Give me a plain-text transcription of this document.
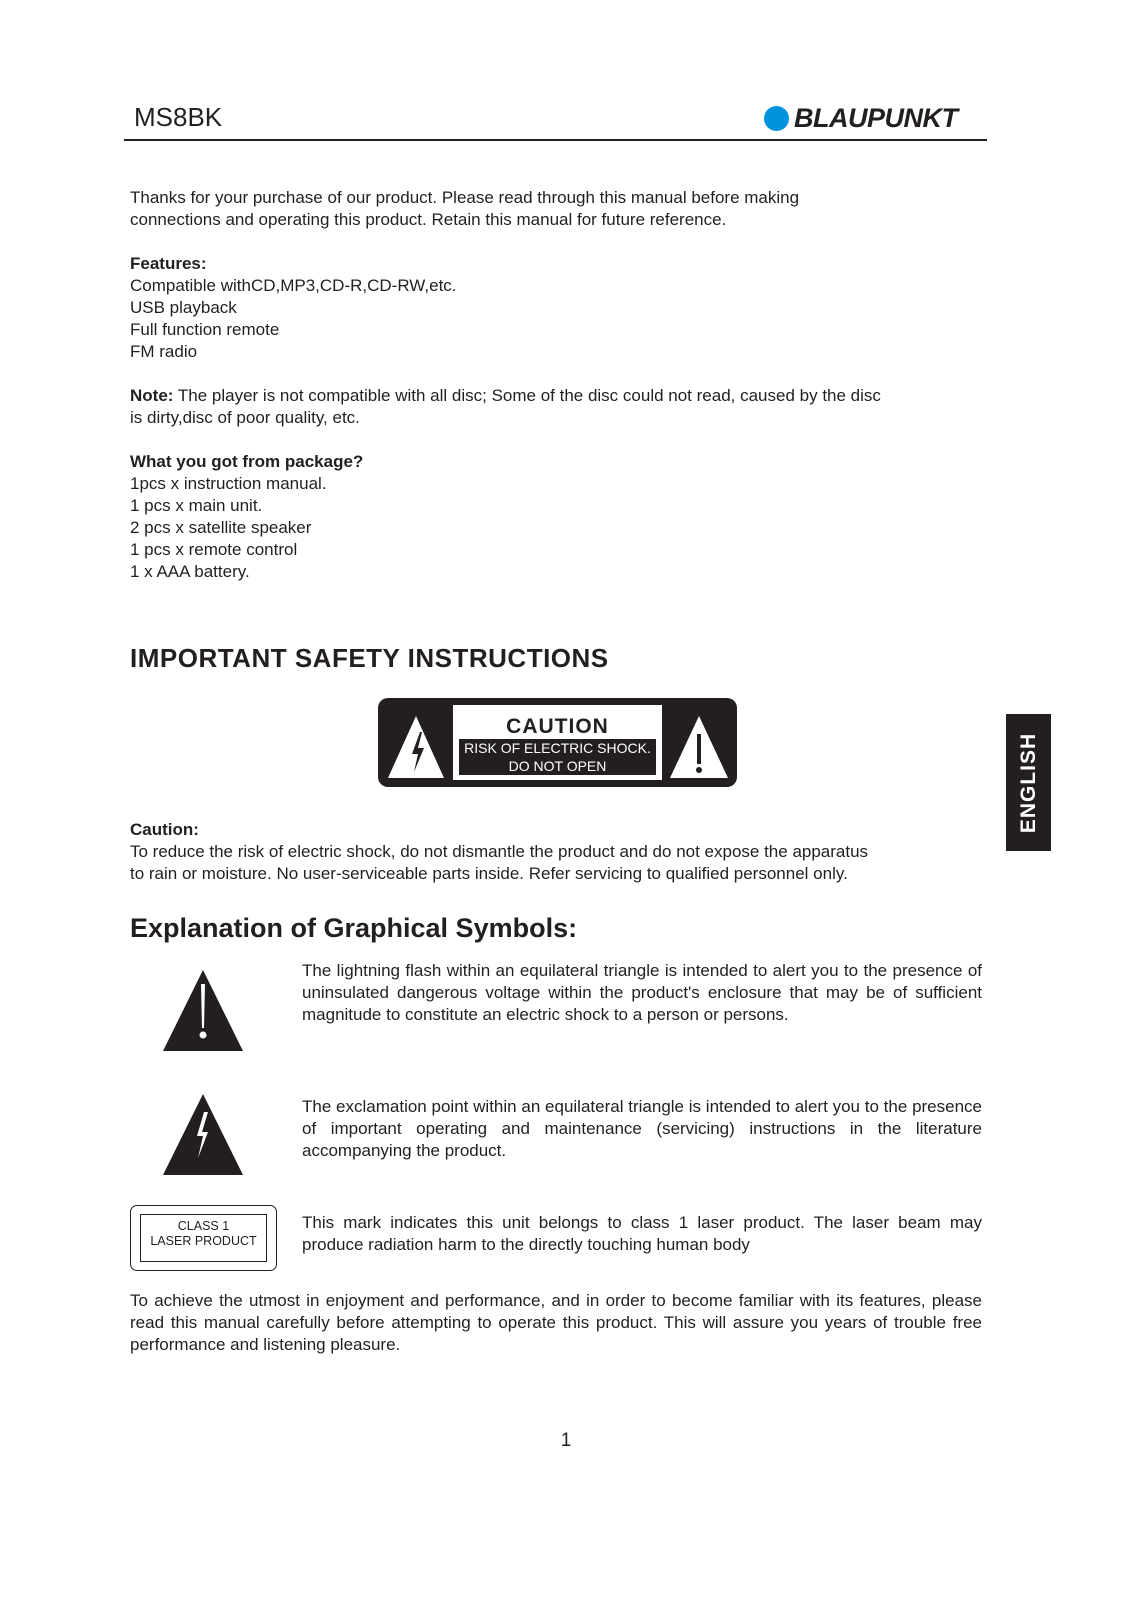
MS8BK	BLAUPUNKT
Thanks for your purchase of our product. Please read through this manual before making
connections and operating this product. Retain this manual for future reference.
Features:
Compatible withCD,MP3,CD-R,CD-RW,etc.
USB playback
Full function remote
FM radio
Note: The player is not compatible with all disc; Some of the disc could not read, caused by the disc
is dirty,disc of poor quality, etc.
What you got from package?
1pcs x instruction manual.
1 pcs x main unit.
2 pcs x satellite speaker
1 pcs x remote control
1 x AAA battery.
IMPORTANT SAFETY INSTRUCTIONS
CAUTION
RISK OF ELECTRIC SHOCK.
DO NOT OPEN
Caution:
To reduce the risk of electric shock, do not dismantle the product and do not expose the apparatus
to rain or moisture. No user-serviceable parts inside. Refer servicing to qualified personnel only.
Explanation of Graphical Symbols:
The lightning flash within an equilateral triangle is intended to alert you to the presence of uninsulated dangerous voltage within the product's enclosure that may be of sufficient magnitude to constitute an electric shock to a person or persons.
The exclamation point within an equilateral triangle is intended to alert you to the presence of important operating and maintenance (servicing) instructions in the literature accompanying the product.
CLASS 1
LASER PRODUCT
This mark indicates this unit belongs to class 1 laser product. The laser beam may produce radiation harm to the directly touching human body
To achieve the utmost in enjoyment and performance, and in order to become familiar with its features, please read this manual carefully before attempting to operate this product. This will assure you years of trouble free performance and listening pleasure.
ENGLISH
1
